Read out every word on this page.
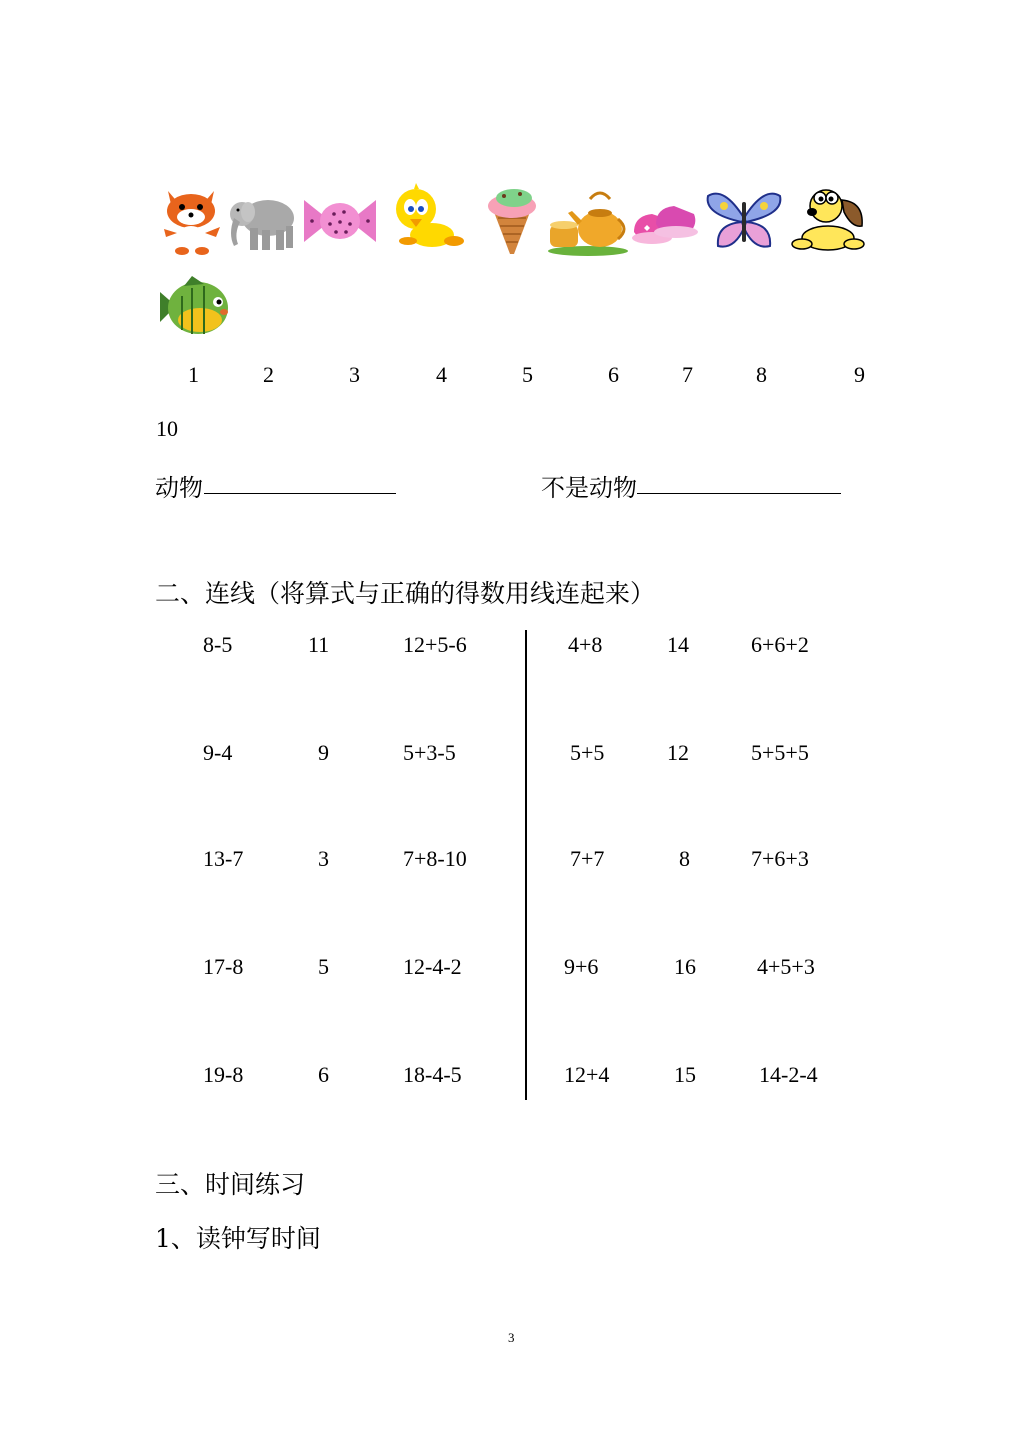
1	2	3	4	5	6	7	8	9
10
动物	不是动物
二、连线（将算式与正确的得数用线连起来）
8-5	11	12+5-6
9-4	9	5+3-5
13-7	3	7+8-10
17-8	5	12-4-2
19-8	6	18-4-5
4+8	14	6+6+2
5+5	12	5+5+5
7+7	8	7+6+3
9+6	16	4+5+3
12+4	15	14-2-4
三、时间练习
1、读钟写时间
3
